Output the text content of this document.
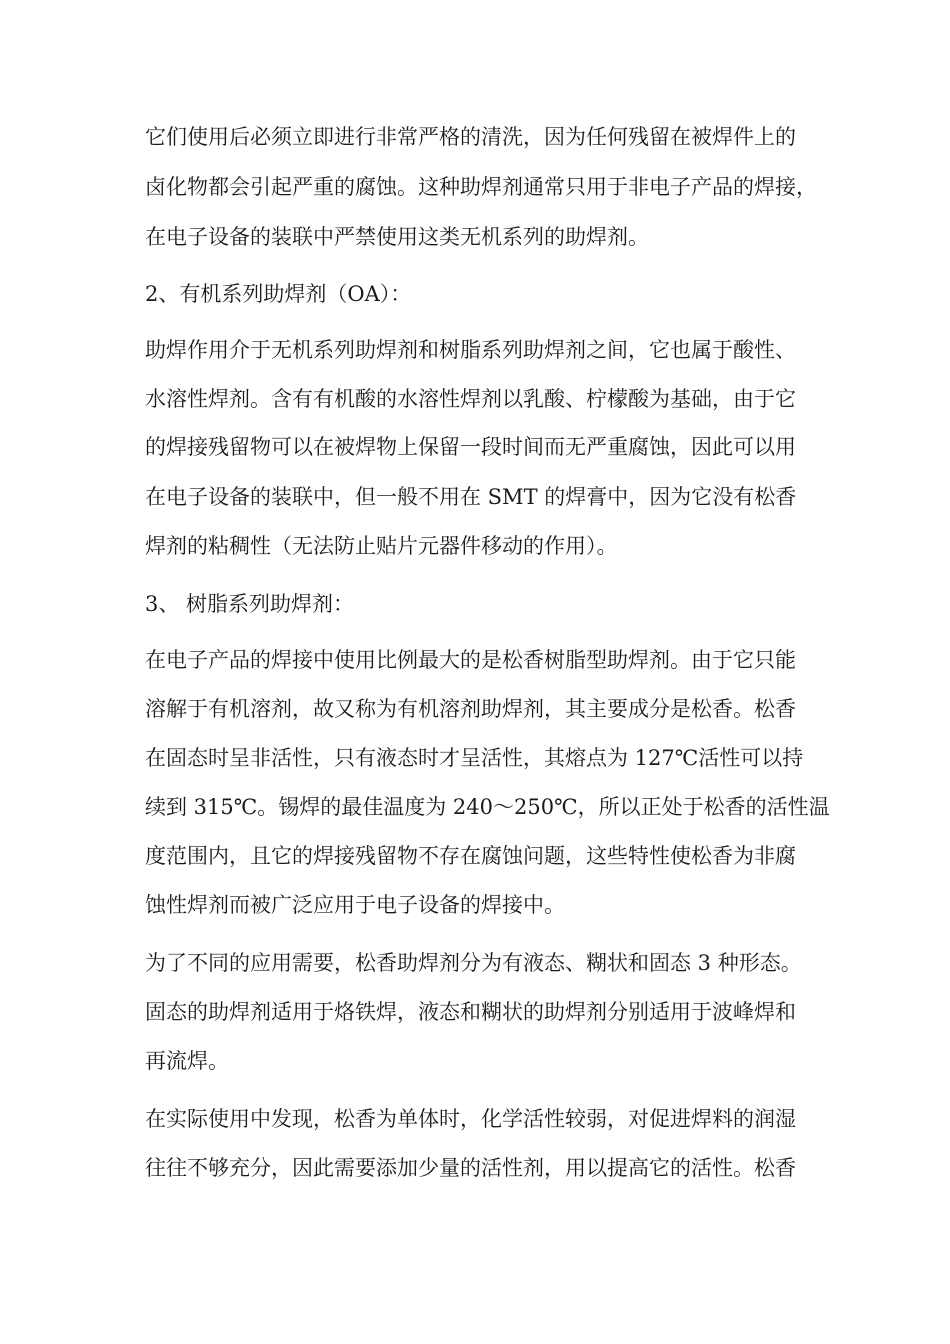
它们使用后必须立即进行非常严格的清洗，因为任何残留在被焊件上的

卤化物都会引起严重的腐蚀。这种助焊剂通常只用于非电子产品的焊接，

在电子设备的装联中严禁使用这类无机系列的助焊剂。

2、有机系列助焊剂（OA）：

助焊作用介于无机系列助焊剂和树脂系列助焊剂之间，它也属于酸性、

水溶性焊剂。含有有机酸的水溶性焊剂以乳酸、柠檬酸为基础，由于它

的焊接残留物可以在被焊物上保留一段时间而无严重腐蚀，因此可以用

在电子设备的装联中，但一般不用在 SMT 的焊膏中，因为它没有松香

焊剂的粘稠性（无法防止贴片元器件移动的作用）。

3、 树脂系列助焊剂：

在电子产品的焊接中使用比例最大的是松香树脂型助焊剂。由于它只能

溶解于有机溶剂，故又称为有机溶剂助焊剂，其主要成分是松香。松香

在固态时呈非活性，只有液态时才呈活性，其熔点为 127℃活性可以持

续到 315℃。锡焊的最佳温度为 240～250℃，所以正处于松香的活性温

度范围内，且它的焊接残留物不存在腐蚀问题，这些特性使松香为非腐

蚀性焊剂而被广泛应用于电子设备的焊接中。

为了不同的应用需要，松香助焊剂分为有液态、糊状和固态 3 种形态。

固态的助焊剂适用于烙铁焊，液态和糊状的助焊剂分别适用于波峰焊和

再流焊。

在实际使用中发现，松香为单体时，化学活性较弱，对促进焊料的润湿

往往不够充分，因此需要添加少量的活性剂，用以提高它的活性。松香
